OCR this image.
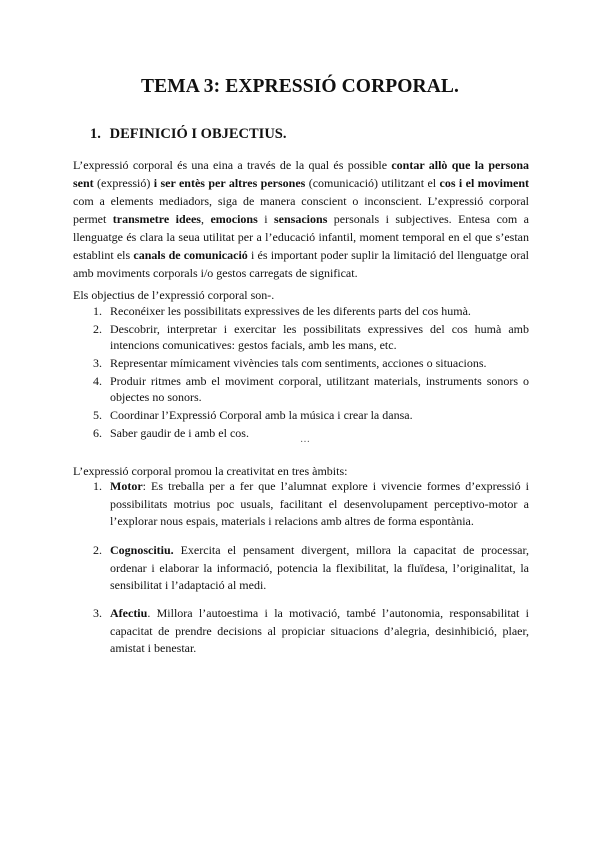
TEMA 3: EXPRESSIÓ CORPORAL.
1. DEFINICIÓ I OBJECTIUS.

L’expressió corporal és una eina a través de la qual és possible contar allò que la persona sent (expressió) i ser entès per altres persones (comunicació) utilitzant el cos i el moviment com a elements mediadors, siga de manera conscient o inconscient. L’expressió corporal permet transmetre idees, emocions i sensacions personals i subjectives. Entesa com a llenguatge és clara la seua utilitat per a l’educació infantil, moment temporal en el que s’estan establint els canals de comunicació i és important poder suplir la limitació del llenguatge oral amb moviments corporals i/o gestos carregats de significat.

Els objectius de l’expressió corporal son-.

1. Reconéixer les possibilitats expressives de les diferents parts del cos humà.
2. Descobrir, interpretar i exercitar les possibilitats expressives del cos humà amb intencions comunicatives: gestos facials, amb les mans, etc.
3. Representar mímicament vivències tals com sentiments, acciones o situacions.
4. Produir ritmes amb el moviment corporal, utilitzant materials, instruments sonors o objectes no sonors.
5. Coordinar l’Expressió Corporal amb la música i crear la dansa.
6. Saber gaudir de i amb el cos.	…

L’expressió corporal promou la creativitat en tres àmbits:

1. Motor: Es treballa per a fer que l’alumnat explore i vivencie formes d’expressió i possibilitats motrius poc usuals, facilitant el desenvolupament perceptivo-motor a l’explorar nous espais, materials i relacions amb altres de forma espontània.
2. Cognoscitiu. Exercita el pensament divergent, millora la capacitat de processar, ordenar i elaborar la informació, potencia la flexibilitat, la fluïdesa, l’originalitat, la sensibilitat i l’adaptació al medi.
3. Afectiu. Millora l’autoestima i la motivació, també l’autonomia, responsabilitat i capacitat de prendre decisions al propiciar situacions d’alegria, desinhibició, plaer, amistat i benestar.
